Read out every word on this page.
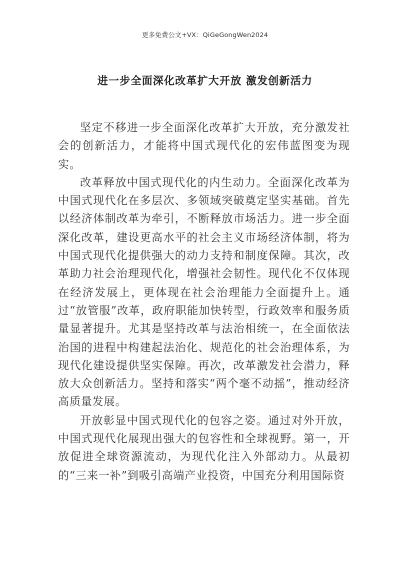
更多免费公文+VX：QiGeGongWen2024
进一步全面深化改革扩大开放 激发创新活力

坚定不移进一步全面深化改革扩大开放，充分激发社会的创新活力，才能将中国式现代化的宏伟蓝图变为现实。

改革释放中国式现代化的内生动力。全面深化改革为中国式现代化在多层次、多领域突破奠定坚实基础。首先以经济体制改革为牵引，不断释放市场活力。进一步全面深化改革，建设更高水平的社会主义市场经济体制，将为中国式现代化提供强大的动力支持和制度保障。其次，改革助力社会治理现代化，增强社会韧性。现代化不仅体现在经济发展上，更体现在社会治理能力全面提升上。通过“放管服”改革，政府职能加快转型，行政效率和服务质量显著提升。尤其是坚持改革与法治相统一，在全面依法治国的进程中构建起法治化、规范化的社会治理体系，为现代化建设提供坚实保障。再次，改革激发社会潜力，释放大众创新活力。坚持和落实“两个毫不动摇”，推动经济高质量发展。

开放彰显中国式现代化的包容之姿。通过对外开放，中国式现代化展现出强大的包容性和全球视野。第一，开放促进全球资源流动，为现代化注入外部动力。从最初的“三来一补”到吸引高端产业投资，中国充分利用国际资
